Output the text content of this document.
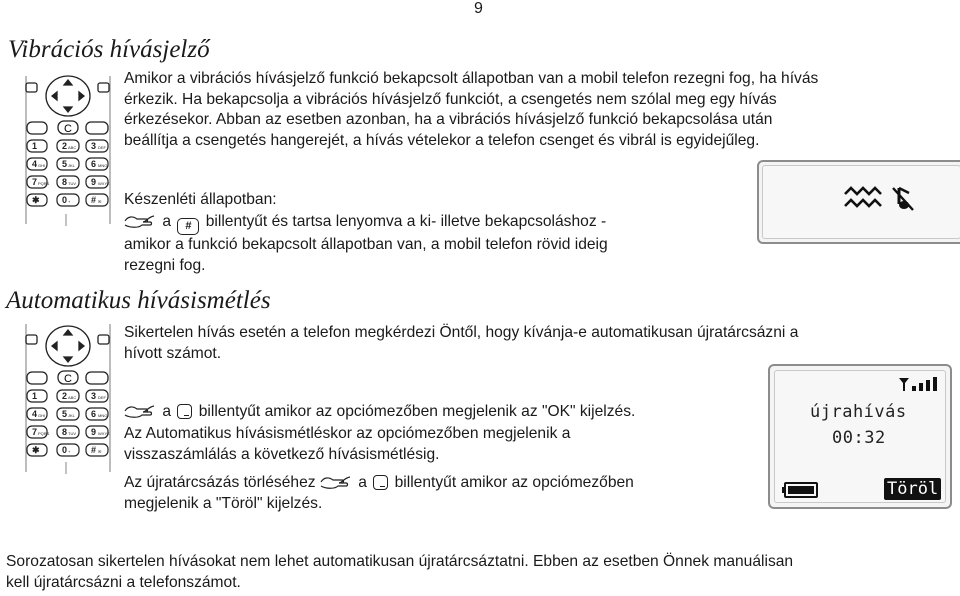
9
Vibrációs hívásjelző
C
1	2	3
4	5	6
7	8	9
✱ 0	#
ABC	DEF
GHI	JKL	MNO
PQRS	TUV	WXYZ
+	✉
Amikor a vibrációs hívásjelző funkció bekapcsolt állapotban van a mobil telefon rezegni fog, ha hívás
érkezik. Ha bekapcsolja a vibrációs hívásjelző funkciót, a csengetés nem szólal meg egy hívás
érkezésekor. Abban az esetben azonban, ha a vibrációs hívásjelző funkció bekapcsolása után
beállítja a csengetés hangerejét, a hívás vételekor a telefon csenget és vibrál is egyidejűleg.
Készenléti állapotban:
a # billentyűt és tartsa lenyomva a ki- illetve bekapcsoláshoz -
amikor a funkció bekapcsolt állapotban van, a mobil telefon rövid ideig
rezegni fog.
Automatikus hívásismétlés
C
1	2	3
4	5	6
7	8	9
✱ 0	#
ABC	DEF
GHI	JKL	MNO
PQRS	TUV	WXYZ
+	✉
Sikertelen hívás esetén a telefon megkérdezi Öntől, hogy kívánja-e automatikusan újratárcsázni a
hívott számot.
a billentyűt amikor az opciómezőben megjelenik az "OK" kijelzés.
Az Automatikus hívásismétléskor az opciómezőben megjelenik a
visszaszámlálás a következő hívásismétlésig.
Az újratárcsázás törléséhez	a billentyűt amikor az opciómezőben
megjelenik a "Töröl" kijelzés.
újrahívás
00:32
Töröl
Sorozatosan sikertelen hívásokat nem lehet automatikusan újratárcsáztatni. Ebben az esetben Önnek manuálisan
kell újratárcsázni a telefonszámot.
